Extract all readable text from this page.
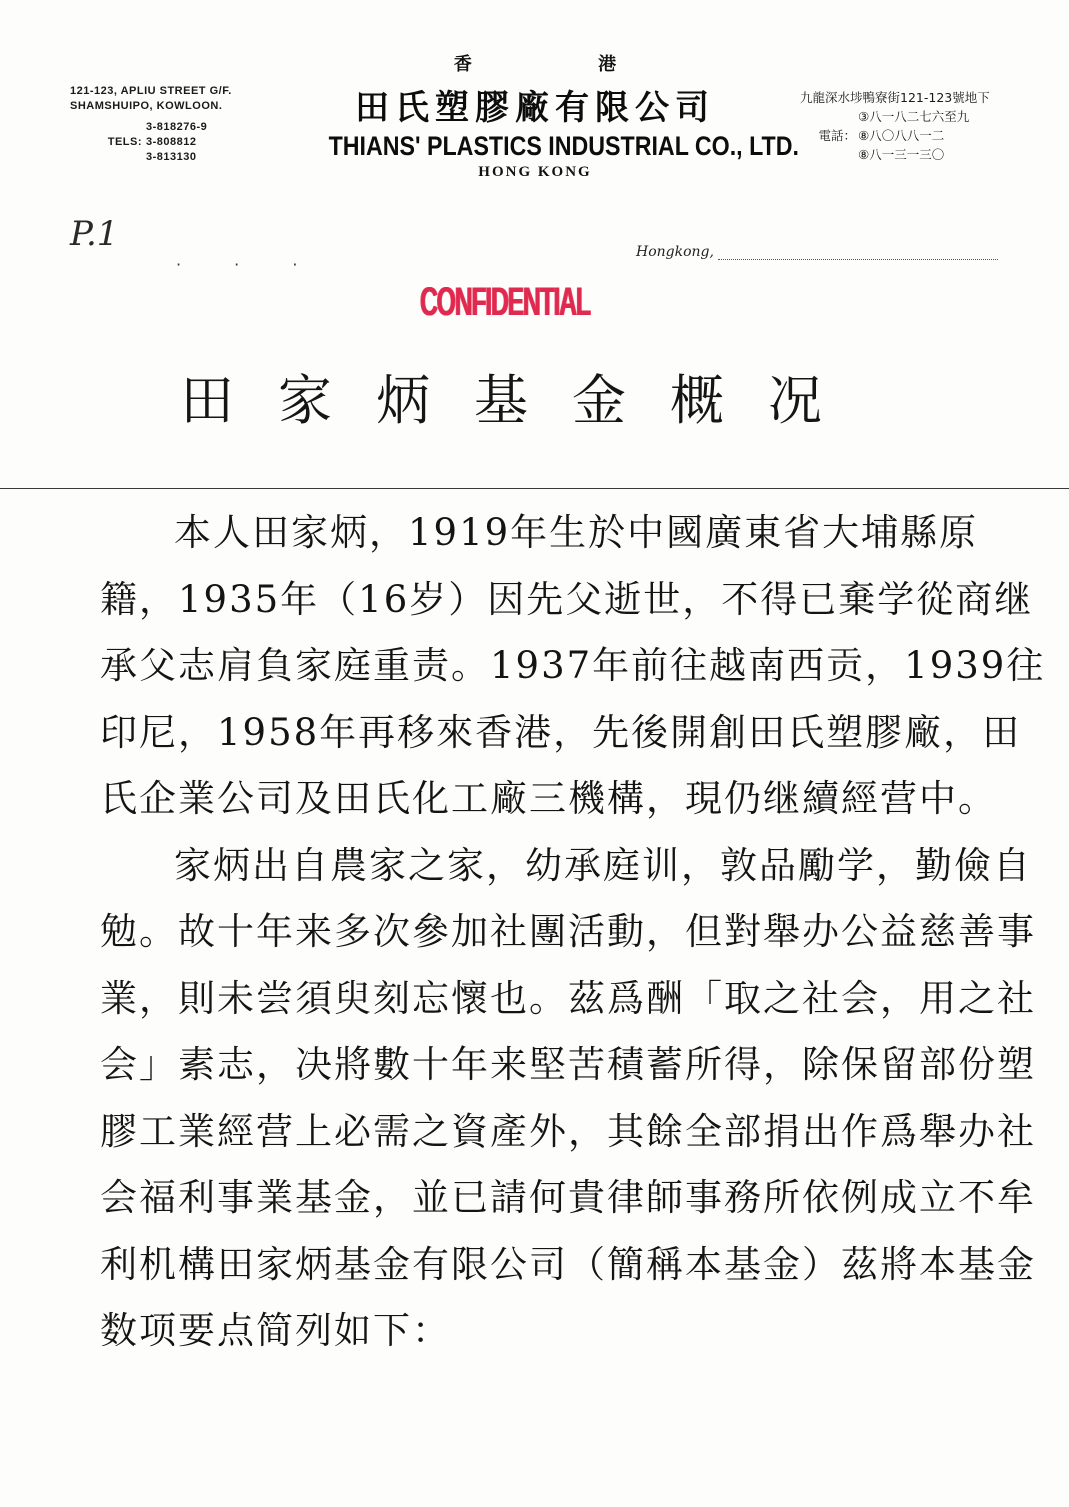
121-123, APLIU STREET G/F.
SHAMSHUIPO, KOWLOON.
3-818276-9
TELS: 3-808812
3-813130
香 港
田氏塑膠廠有限公司
THIANS' PLASTICS INDUSTRIAL CO., LTD.
HONG KONG
九龍深水埗鴨寮街121-123號地下
③八一八二七六至九
電話： ⑧八〇八八一二
⑧八一三一三〇
P.1
· · ·
Hongkong,
CONFIDENTIAL
田家炳基金概况

本人田家炳，1919年生於中國廣東省大埔縣原籍，1935年（16岁）因先父逝世，不得已棄学從商继承父志肩負家庭重责。1937年前往越南西贡，1939往印尼，1958年再移來香港，先後開創田氏塑膠廠，田氏企業公司及田氏化工廠三機構，現仍继續經营中。

家炳出自農家之家，幼承庭训，敦品勵学，勤儉自勉。故十年来多次參加社團活動，但對舉办公益慈善事業，則未尝須臾刻忘懷也。茲爲酬「取之社会，用之社会」素志，决將數十年来堅苦積蓄所得，除保留部份塑膠工業經营上必需之資產外，其餘全部捐出作爲舉办社会福利事業基金，並已請何貴律師事務所依例成立不牟利机構田家炳基金有限公司（簡稱本基金）茲將本基金数项要点简列如下：
